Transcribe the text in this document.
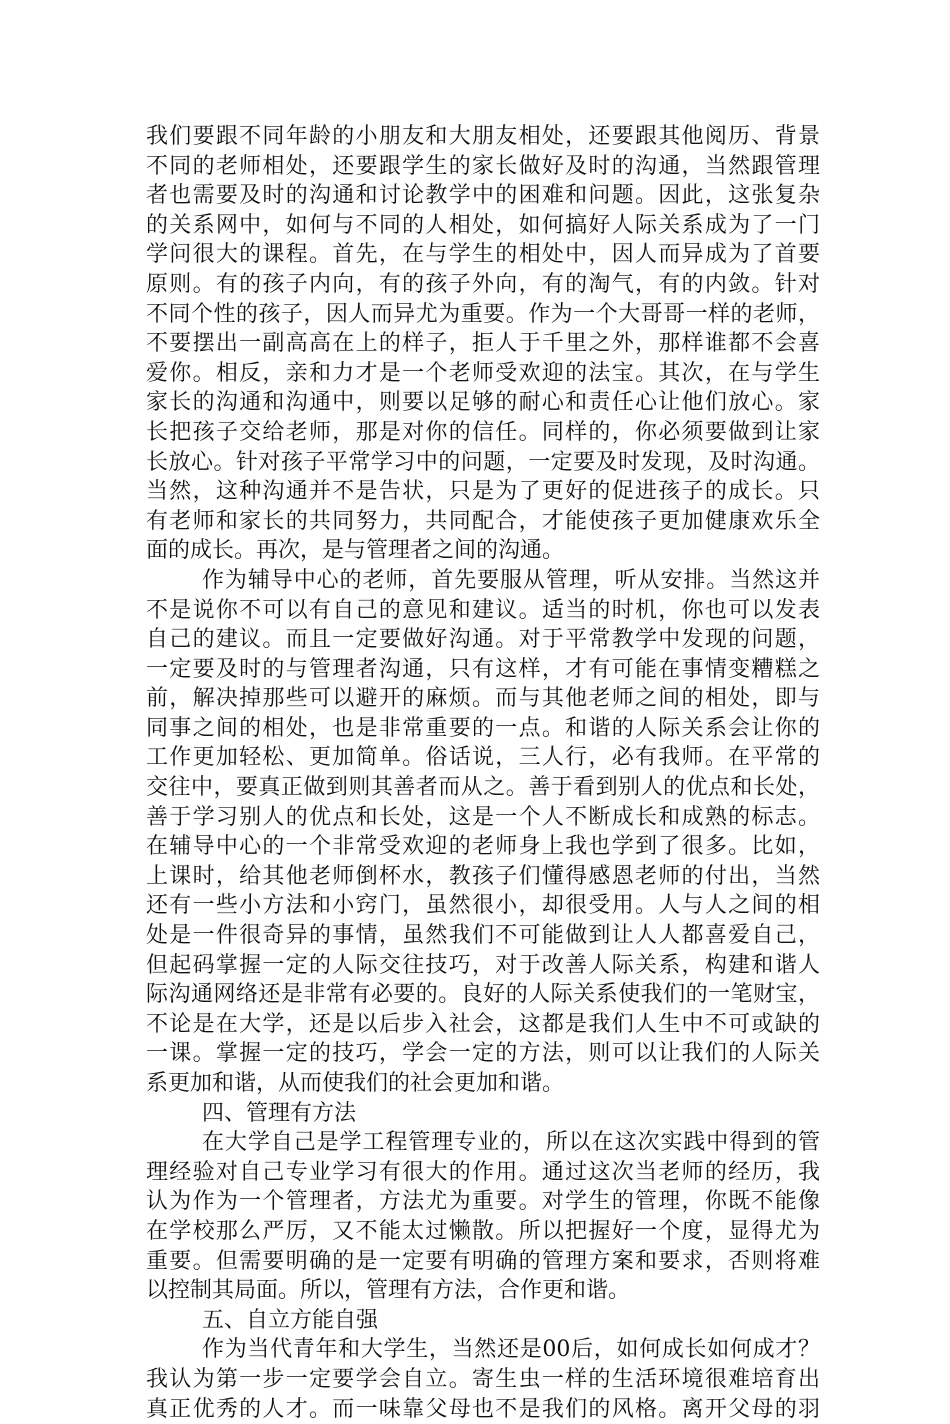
我们要跟不同年龄的小朋友和大朋友相处，还要跟其他阅历、背景
不同的老师相处，还要跟学生的家长做好及时的沟通，当然跟管理
者也需要及时的沟通和讨论教学中的困难和问题。因此，这张复杂
的关系网中，如何与不同的人相处，如何搞好人际关系成为了一门
学问很大的课程。首先，在与学生的相处中，因人而异成为了首要
原则。有的孩子内向，有的孩子外向，有的淘气，有的内敛。针对
不同个性的孩子，因人而异尤为重要。作为一个大哥哥一样的老师，
不要摆出一副高高在上的样子，拒人于千里之外，那样谁都不会喜
爱你。相反，亲和力才是一个老师受欢迎的法宝。其次，在与学生
家长的沟通和沟通中，则要以足够的耐心和责任心让他们放心。家
长把孩子交给老师，那是对你的信任。同样的，你必须要做到让家
长放心。针对孩子平常学习中的问题，一定要及时发现，及时沟通。
当然，这种沟通并不是告状，只是为了更好的促进孩子的成长。只
有老师和家长的共同努力，共同配合，才能使孩子更加健康欢乐全
面的成长。再次，是与管理者之间的沟通。
作为辅导中心的老师，首先要服从管理，听从安排。当然这并
不是说你不可以有自己的意见和建议。适当的时机，你也可以发表
自己的建议。而且一定要做好沟通。对于平常教学中发现的问题，
一定要及时的与管理者沟通，只有这样，才有可能在事情变糟糕之
前，解决掉那些可以避开的麻烦。而与其他老师之间的相处，即与
同事之间的相处，也是非常重要的一点。和谐的人际关系会让你的
工作更加轻松、更加简单。俗话说，三人行，必有我师。在平常的
交往中，要真正做到则其善者而从之。善于看到别人的优点和长处，
善于学习别人的优点和长处，这是一个人不断成长和成熟的标志。
在辅导中心的一个非常受欢迎的老师身上我也学到了很多。比如，
上课时，给其他老师倒杯水，教孩子们懂得感恩老师的付出，当然
还有一些小方法和小窍门，虽然很小，却很受用。人与人之间的相
处是一件很奇异的事情，虽然我们不可能做到让人人都喜爱自己，
但起码掌握一定的人际交往技巧，对于改善人际关系，构建和谐人
际沟通网络还是非常有必要的。良好的人际关系使我们的一笔财宝，
不论是在大学，还是以后步入社会，这都是我们人生中不可或缺的
一课。掌握一定的技巧，学会一定的方法，则可以让我们的人际关
系更加和谐，从而使我们的社会更加和谐。
四、管理有方法
在大学自己是学工程管理专业的，所以在这次实践中得到的管
理经验对自己专业学习有很大的作用。通过这次当老师的经历，我
认为作为一个管理者，方法尤为重要。对学生的管理，你既不能像
在学校那么严厉，又不能太过懒散。所以把握好一个度，显得尤为
重要。但需要明确的是一定要有明确的管理方案和要求，否则将难
以控制其局面。所以，管理有方法，合作更和谐。
五、自立方能自强
作为当代青年和大学生，当然还是00后，如何成长如何成才？
我认为第一步一定要学会自立。寄生虫一样的生活环境很难培育出
真正优秀的人才。而一味靠父母也不是我们的风格。离开父母的羽
